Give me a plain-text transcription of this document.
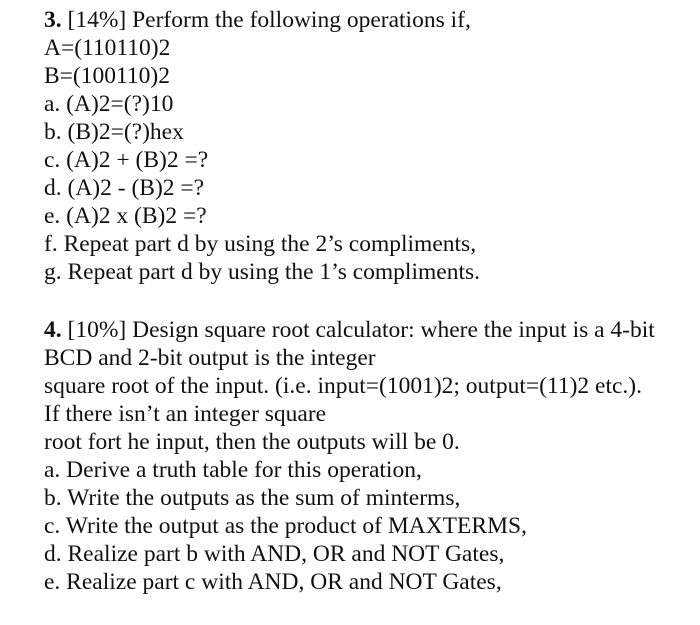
3. [14%] Perform the following operations if,
A=(110110)2
B=(100110)2
a. (A)2=(?)10
b. (B)2=(?)hex
c. (A)2 + (B)2 =?
d. (A)2 - (B)2 =?
e. (A)2 x (B)2 =?
f. Repeat part d by using the 2’s compliments,
g. Repeat part d by using the 1’s compliments.
4. [10%] Design square root calculator: where the input is a 4-bit
BCD and 2-bit output is the integer
square root of the input. (i.e. input=(1001)2; output=(11)2 etc.).
If there isn’t an integer square
root fort he input, then the outputs will be 0.
a. Derive a truth table for this operation,
b. Write the outputs as the sum of minterms,
c. Write the output as the product of MAXTERMS,
d. Realize part b with AND, OR and NOT Gates,
e. Realize part c with AND, OR and NOT Gates,
